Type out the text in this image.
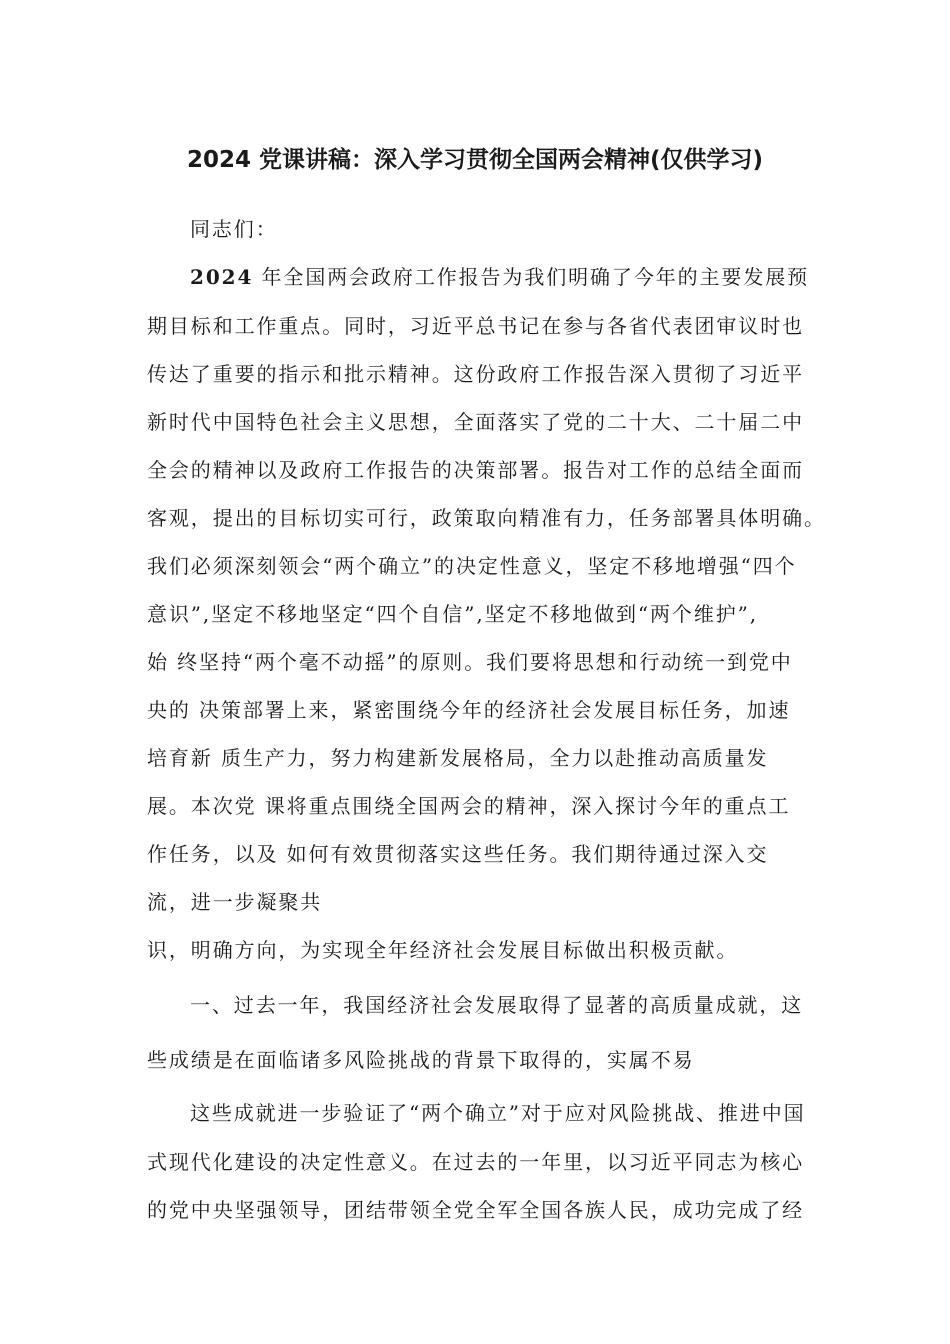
2024 党课讲稿：深入学习贯彻全国两会精神(仅供学习)
同志们：
2024 年全国两会政府工作报告为我们明确了今年的主要发展预
期目标和工作重点。同时，习近平总书记在参与各省代表团审议时也
传达了重要的指示和批示精神。这份政府工作报告深入贯彻了习近平
新时代中国特色社会主义思想，全面落实了党的二十大、二十届二中
全会的精神以及政府工作报告的决策部署。报告对工作的总结全面而
客观，提出的目标切实可行，政策取向精准有力，任务部署具体明确。
我们必须深刻领会“两个确立”的决定性意义，坚定不移地增强“四个
意识”,坚定不移地坚定“四个自信”,坚定不移地做到“两个维护”,
始 终坚持“两个毫不动摇”的原则。我们要将思想和行动统一到党中
央的 决策部署上来，紧密围绕今年的经济社会发展目标任务，加速
培育新 质生产力，努力构建新发展格局，全力以赴推动高质量发
展。本次党 课将重点围绕全国两会的精神，深入探讨今年的重点工
作任务，以及 如何有效贯彻落实这些任务。我们期待通过深入交
流，进一步凝聚共
识，明确方向，为实现全年经济社会发展目标做出积极贡献。
一、过去一年，我国经济社会发展取得了显著的高质量成就，这
些成绩是在面临诸多风险挑战的背景下取得的，实属不易
这些成就进一步验证了“两个确立”对于应对风险挑战、推进中国
式现代化建设的决定性意义。在过去的一年里，以习近平同志为核心
的党中央坚强领导，团结带领全党全军全国各族人民，成功完成了经
